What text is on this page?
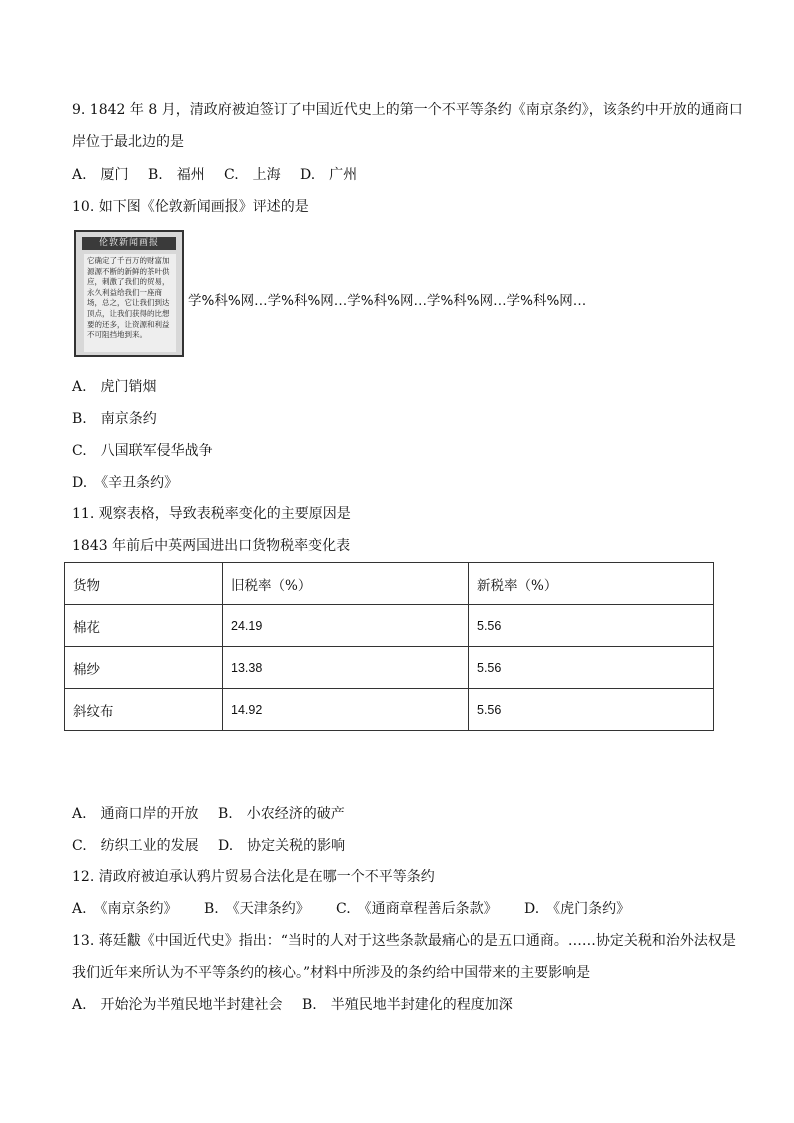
9. 1842 年 8 月，清政府被迫签订了中国近代史上的第一个不平等条约《南京条约》，该条约中开放的通商口
岸位于最北边的是
A.　厦门 B.　福州 C.　上海 D.　广州
10. 如下图《伦敦新闻画报》评述的是
伦敦新闻画报
它确定了千百万的财富加源源不断的新鲜的茶叶供应，刺激了我们的贸易，永久利益给我们一座商场，总之，它让我们到达顶点，让我们获得的比想要的还多，让资源和利益不可阻挡地到来。
学%科%网…学%科%网…学%科%网…学%科%网…学%科%网…
A.　虎门销烟
B.　南京条约
C.　八国联军侵华战争
D.　《辛丑条约》
11. 观察表格，导致表税率变化的主要原因是
1843 年前后中英两国进出口货物税率变化表
货物	旧税率（%）	新税率（%）
棉花	24.19	5.56
棉纱	13.38	5.56
斜纹布	14.92	5.56
A.　通商口岸的开放 B.　小农经济的破产
C.　纺织工业的发展 D.　协定关税的影响
12. 清政府被迫承认鸦片贸易合法化是在哪一个不平等条约
A.　《南京条约》 B.　《天津条约》 C.　《通商章程善后条款》 D.　《虎门条约》
13. 蒋廷黻《中国近代史》指出：“当时的人对于这些条款最痛心的是五口通商。……协定关税和治外法权是
我们近年来所认为不平等条约的核心。”材料中所涉及的条约给中国带来的主要影响是
A.　开始沦为半殖民地半封建社会 B.　半殖民地半封建化的程度加深
